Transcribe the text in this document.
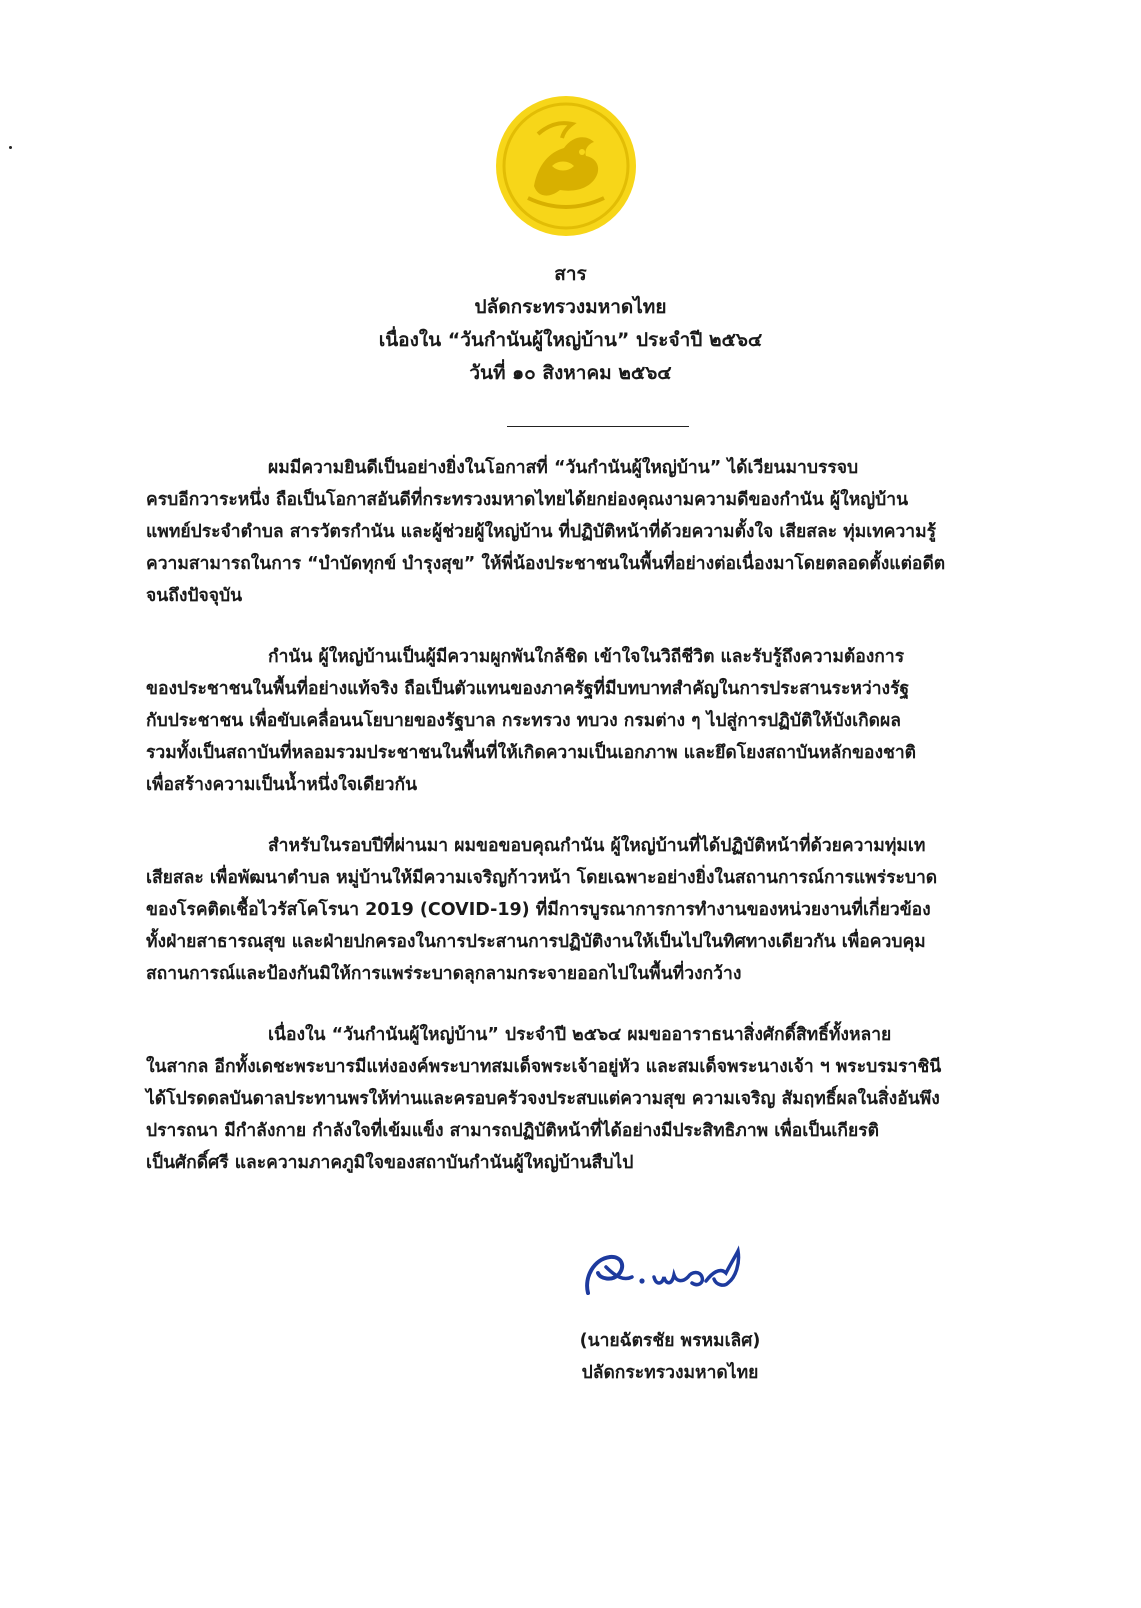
สาร
ปลัดกระทรวงมหาดไทย
เนื่องใน “วันกำนันผู้ใหญ่บ้าน” ประจำปี ๒๕๖๔
วันที่ ๑๐ สิงหาคม ๒๕๖๔
ผมมีความยินดีเป็นอย่างยิ่งในโอกาสที่ “วันกำนันผู้ใหญ่บ้าน” ได้เวียนมาบรรจบ
ครบอีกวาระหนึ่ง ถือเป็นโอกาสอันดีที่กระทรวงมหาดไทยได้ยกย่องคุณงามความดีของกำนัน ผู้ใหญ่บ้าน
แพทย์ประจำตำบล สารวัตรกำนัน และผู้ช่วยผู้ใหญ่บ้าน ที่ปฏิบัติหน้าที่ด้วยความตั้งใจ เสียสละ ทุ่มเทความรู้
ความสามารถในการ “บำบัดทุกข์ บำรุงสุข” ให้พี่น้องประชาชนในพื้นที่อย่างต่อเนื่องมาโดยตลอดตั้งแต่อดีต
จนถึงปัจจุบัน
กำนัน ผู้ใหญ่บ้านเป็นผู้มีความผูกพันใกล้ชิด เข้าใจในวิถีชีวิต และรับรู้ถึงความต้องการ
ของประชาชนในพื้นที่อย่างแท้จริง ถือเป็นตัวแทนของภาครัฐที่มีบทบาทสำคัญในการประสานระหว่างรัฐ
กับประชาชน เพื่อขับเคลื่อนนโยบายของรัฐบาล กระทรวง ทบวง กรมต่าง ๆ ไปสู่การปฏิบัติให้บังเกิดผล
รวมทั้งเป็นสถาบันที่หลอมรวมประชาชนในพื้นที่ให้เกิดความเป็นเอกภาพ และยึดโยงสถาบันหลักของชาติ
เพื่อสร้างความเป็นน้ำหนึ่งใจเดียวกัน
สำหรับในรอบปีที่ผ่านมา ผมขอขอบคุณกำนัน ผู้ใหญ่บ้านที่ได้ปฏิบัติหน้าที่ด้วยความทุ่มเท
เสียสละ เพื่อพัฒนาตำบล หมู่บ้านให้มีความเจริญก้าวหน้า โดยเฉพาะอย่างยิ่งในสถานการณ์การแพร่ระบาด
ของโรคติดเชื้อไวรัสโคโรนา 2019 (COVID-19) ที่มีการบูรณาการการทำงานของหน่วยงานที่เกี่ยวข้อง
ทั้งฝ่ายสาธารณสุข และฝ่ายปกครองในการประสานการปฏิบัติงานให้เป็นไปในทิศทางเดียวกัน เพื่อควบคุม
สถานการณ์และป้องกันมิให้การแพร่ระบาดลุกลามกระจายออกไปในพื้นที่วงกว้าง
เนื่องใน “วันกำนันผู้ใหญ่บ้าน” ประจำปี ๒๕๖๔ ผมขออาราธนาสิ่งศักดิ์สิทธิ์ทั้งหลาย
ในสากล อีกทั้งเดชะพระบารมีแห่งองค์พระบาทสมเด็จพระเจ้าอยู่หัว และสมเด็จพระนางเจ้า ฯ พระบรมราชินี
ได้โปรดดลบันดาลประทานพรให้ท่านและครอบครัวจงประสบแต่ความสุข ความเจริญ สัมฤทธิ์ผลในสิ่งอันพึง
ปรารถนา มีกำลังกาย กำลังใจที่เข้มแข็ง สามารถปฏิบัติหน้าที่ได้อย่างมีประสิทธิภาพ เพื่อเป็นเกียรติ
เป็นศักดิ์ศรี และความภาคภูมิใจของสถาบันกำนันผู้ใหญ่บ้านสืบไป
(นายฉัตรชัย พรหมเลิศ)
ปลัดกระทรวงมหาดไทย
